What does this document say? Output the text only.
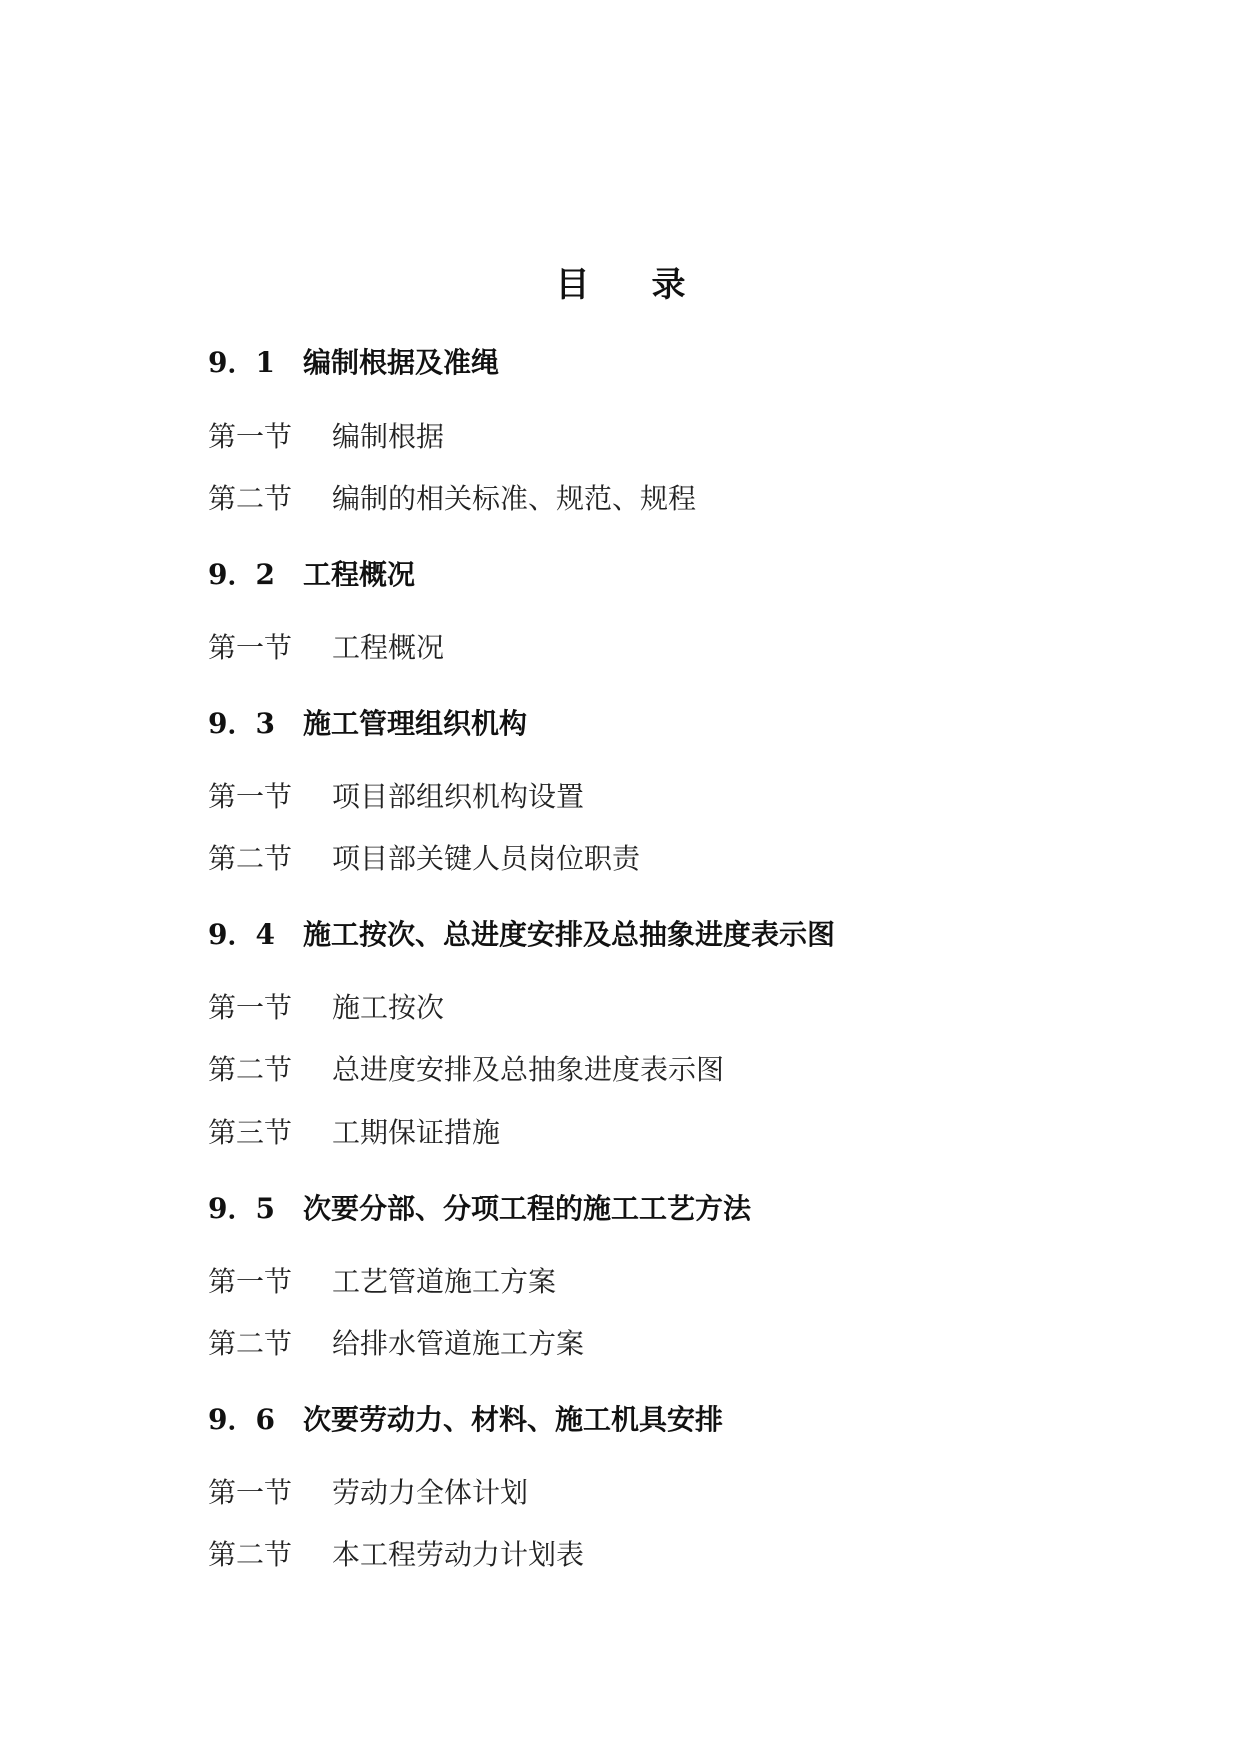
目 录
9．1 编制根据及准绳
第一节 编制根据
第二节 编制的相关标准、规范、规程
9．2 工程概况
第一节 工程概况
9．3 施工管理组织机构
第一节 项目部组织机构设置
第二节 项目部关键人员岗位职责
9．4 施工按次、总进度安排及总抽象进度表示图
第一节 施工按次
第二节 总进度安排及总抽象进度表示图
第三节 工期保证措施
9．5 次要分部、分项工程的施工工艺方法
第一节 工艺管道施工方案
第二节 给排水管道施工方案
9．6 次要劳动力、材料、施工机具安排
第一节 劳动力全体计划
第二节 本工程劳动力计划表
